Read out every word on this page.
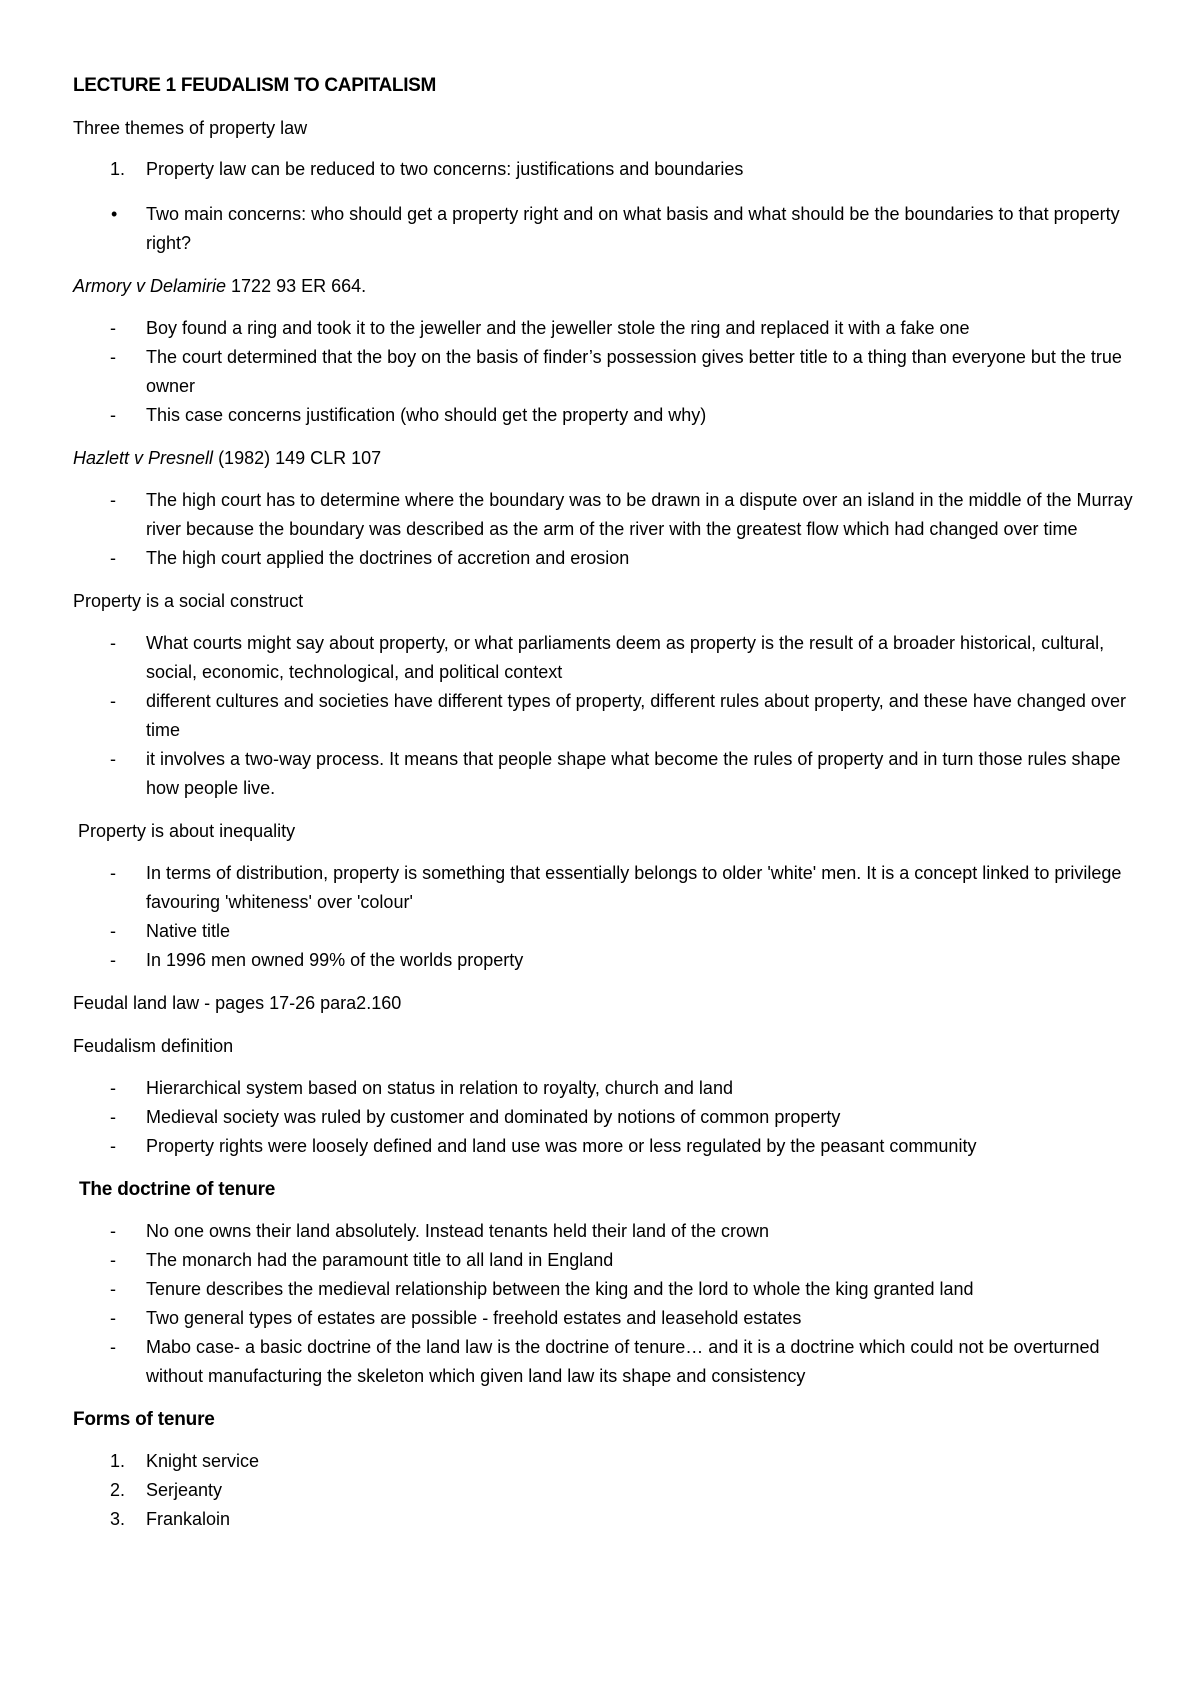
LECTURE 1 FEUDALISM TO CAPITALISM

Three themes of property law

1.	Property law can be reduced to two concerns: justifications and boundaries
•	Two main concerns: who should get a property right and on what basis and what should be the boundaries to that property right?

Armory v Delamirie 1722 93 ER 664.

-	Boy found a ring and took it to the jeweller and the jeweller stole the ring and replaced it with a fake one
-	The court determined that the boy on the basis of finder’s possession gives better title to a thing than everyone but the true owner
-	This case concerns justification (who should get the property and why)

Hazlett v Presnell (1982) 149 CLR 107

-	The high court has to determine where the boundary was to be drawn in a dispute over an island in the middle of the Murray river because the boundary was described as the arm of the river with the greatest flow which had changed over time
-	The high court applied the doctrines of accretion and erosion

Property is a social construct

-	What courts might say about property, or what parliaments deem as property is the result of a broader historical, cultural, social, economic, technological, and political context
-	different cultures and societies have different types of property, different rules about property, and these have changed over time
-	it involves a two-way process. It means that people shape what become the rules of property and in turn those rules shape how people live.

Property is about inequality

-	In terms of distribution, property is something that essentially belongs to older 'white' men. It is a concept linked to privilege favouring 'whiteness' over 'colour'
-	Native title
-	In 1996 men owned 99% of the worlds property

Feudal land law - pages 17-26 para2.160

Feudalism definition

-	Hierarchical system based on status in relation to royalty, church and land
-	Medieval society was ruled by customer and dominated by notions of common property
-	Property rights were loosely defined and land use was more or less regulated by the peasant community

The doctrine of tenure

-	No one owns their land absolutely. Instead tenants held their land of the crown
-	The monarch had the paramount title to all land in England
-	Tenure describes the medieval relationship between the king and the lord to whole the king granted land
-	Two general types of estates are possible - freehold estates and leasehold estates
-	Mabo case- a basic doctrine of the land law is the doctrine of tenure… and it is a doctrine which could not be overturned without manufacturing the skeleton which given land law its shape and consistency

Forms of tenure

1.	Knight service
2.	Serjeanty
3.	Frankaloin
